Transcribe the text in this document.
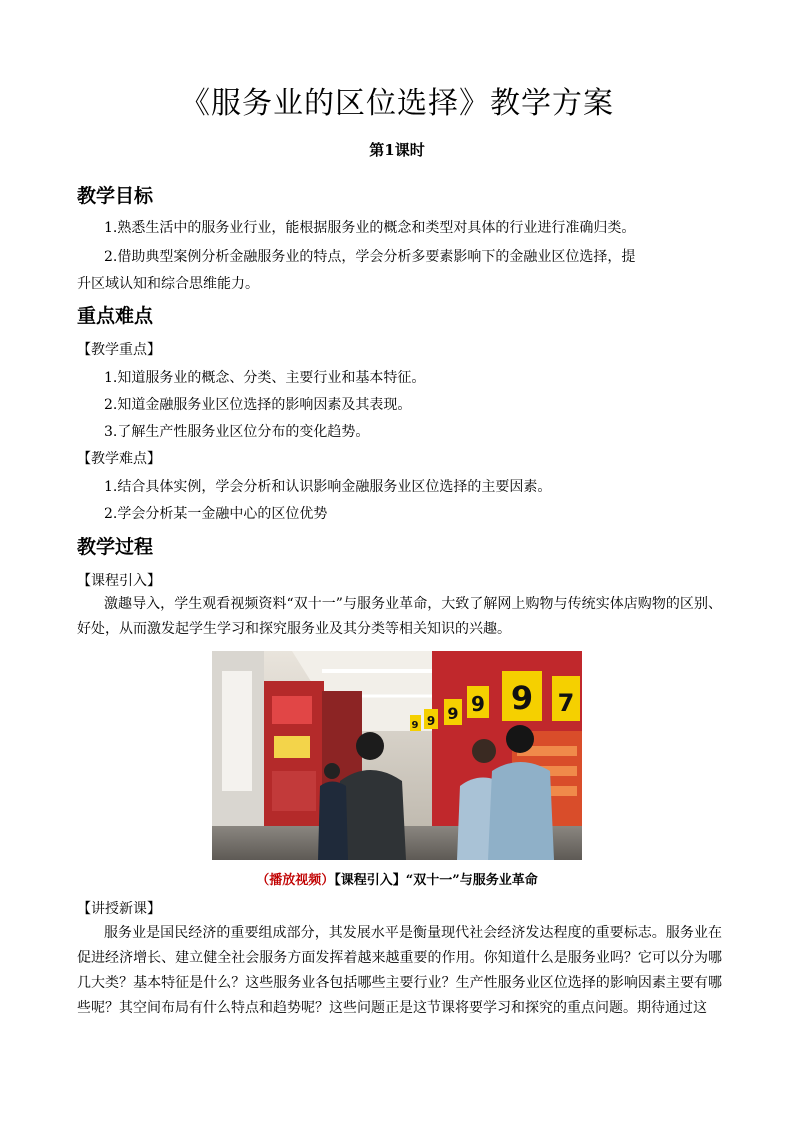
《服务业的区位选择》教学方案
第1课时
教学目标
1.熟悉生活中的服务业行业，能根据服务业的概念和类型对具体的行业进行准确归类。
2.借助典型案例分析金融服务业的特点，学会分析多要素影响下的金融业区位选择，提
升区域认知和综合思维能力。
重点难点
【教学重点】
1.知道服务业的概念、分类、主要行业和基本特征。
2.知道金融服务业区位选择的影响因素及其表现。
3.了解生产性服务业区位分布的变化趋势。
【教学难点】
1.结合具体实例，学会分析和认识影响金融服务业区位选择的主要因素。
2.学会分析某一金融中心的区位优势
教学过程
【课程引入】
激趣导入，学生观看视频资料“双十一”与服务业革命，大致了解网上购物与传统实体店购物的区别、好处，从而激发起学生学习和探究服务业及其分类等相关知识的兴趣。
9 7
9
9
9
9
（播放视频）【课程引入】“双十一”与服务业革命
【讲授新课】
服务业是国民经济的重要组成部分，其发展水平是衡量现代社会经济发达程度的重要标志。服务业在促进经济增长、建立健全社会服务方面发挥着越来越重要的作用。你知道什么是服务业吗？它可以分为哪几大类？基本特征是什么？这些服务业各包括哪些主要行业？生产性服务业区位选择的影响因素主要有哪些呢？其空间布局有什么特点和趋势呢？这些问题正是这节课将要学习和探究的重点问题。期待通过这
